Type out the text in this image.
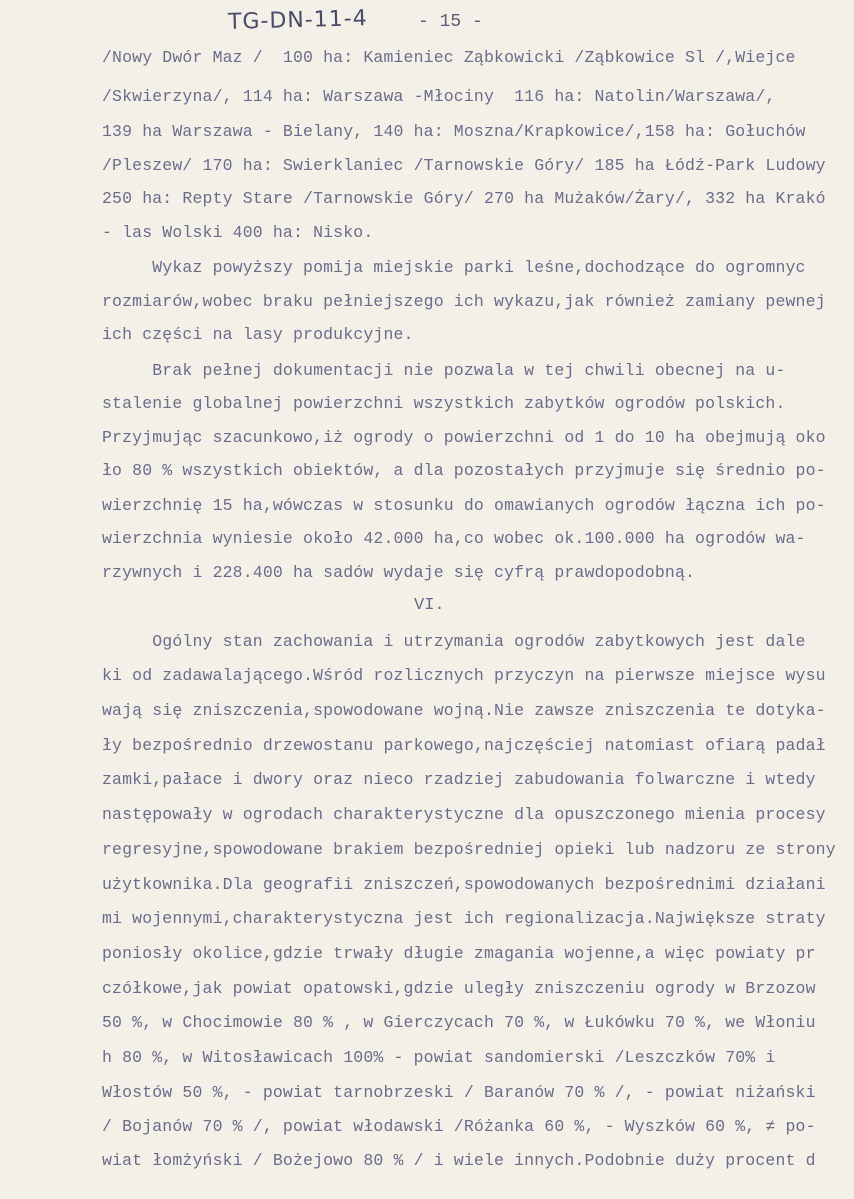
TG-DN-11-4	- 15 -
/Nowy Dwór Maz /  100 ha: Kamieniec Ząbkowicki /Ząbkowice Sl /,Wiejce
/Skwierzyna/, 114 ha: Warszawa -Młociny  116 ha: Natolin/Warszawa/,
139 ha Warszawa - Bielany, 140 ha: Moszna/Krapkowice/,158 ha: Gołuchów
/Pleszew/ 170 ha: Swierklaniec /Tarnowskie Góry/ 185 ha Łódź-Park Ludowy
250 ha: Repty Stare /Tarnowskie Góry/ 270 ha Mużaków/Żary/, 332 ha Krakó
- las Wolski 400 ha: Nisko.
Wykaz powyższy pomija miejskie parki leśne,dochodzące do ogromnyc
rozmiarów,wobec braku pełniejszego ich wykazu,jak również zamiany pewnej
ich części na lasy produkcyjne.
Brak pełnej dokumentacji nie pozwala w tej chwili obecnej na u-
stalenie globalnej powierzchni wszystkich zabytków ogrodów polskich.
Przyjmując szacunkowo,iż ogrody o powierzchni od 1 do 10 ha obejmują oko
ło 80 % wszystkich obiektów, a dla pozostałych przyjmuje się średnio po-
wierzchnię 15 ha,wówczas w stosunku do omawianych ogrodów łączna ich po-
wierzchnia wyniesie około 42.000 ha,co wobec ok.100.000 ha ogrodów wa-
rzywnych i 228.400 ha sadów wydaje się cyfrą prawdopodobną.
VI.
Ogólny stan zachowania i utrzymania ogrodów zabytkowych jest dale
ki od zadawalającego.Wśród rozlicznych przyczyn na pierwsze miejsce wysu
wają się zniszczenia,spowodowane wojną.Nie zawsze zniszczenia te dotyka-
ły bezpośrednio drzewostanu parkowego,najczęściej natomiast ofiarą padał
zamki,pałace i dwory oraz nieco rzadziej zabudowania folwarczne i wtedy
następowały w ogrodach charakterystyczne dla opuszczonego mienia procesy
regresyjne,spowodowane brakiem bezpośredniej opieki lub nadzoru ze strony
użytkownika.Dla geografii zniszczeń,spowodowanych bezpośrednimi działani
mi wojennymi,charakterystyczna jest ich regionalizacja.Największe straty
poniosły okolice,gdzie trwały długie zmagania wojenne,a więc powiaty pr
czółkowe,jak powiat opatowski,gdzie uległy zniszczeniu ogrody w Brzozow
50 %, w Chocimowie 80 % , w Gierczycach 70 %, w Łukówku 70 %, we Włoniu
h 80 %, w Witosławicach 100% - powiat sandomierski /Leszczków 70% i
Włostów 50 %, - powiat tarnobrzeski / Baranów 70 % /, - powiat niżański
/ Bojanów 70 % /, powiat włodawski /Różanka 60 %, - Wyszków 60 %, ≠ po-
wiat łomżyński / Bożejowo 80 % / i wiele innych.Podobnie duży procent d
